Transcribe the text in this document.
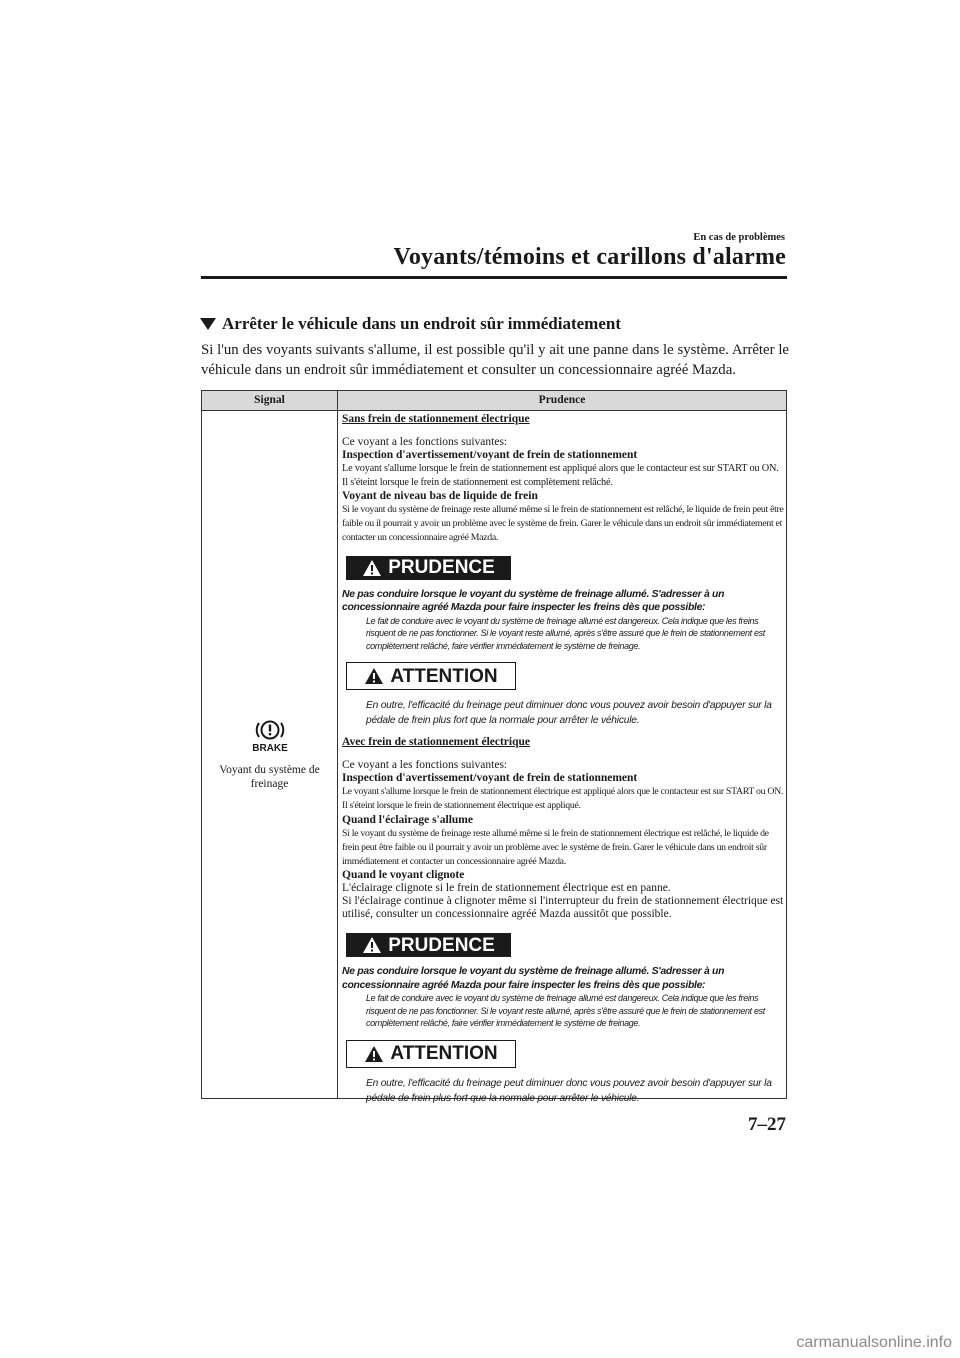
En cas de problèmes
Voyants/témoins et carillons d'alarme
Arrêter le véhicule dans un endroit sûr immédiatement
Si l'un des voyants suivants s'allume, il est possible qu'il y ait une panne dans le système. Arrêter le véhicule dans un endroit sûr immédiatement et consulter un concessionnaire agréé Mazda.
Signal	Prudence
BRAKE
Voyant du système de freinage
Sans frein de stationnement électrique
Ce voyant a les fonctions suivantes:
Inspection d'avertissement/voyant de frein de stationnement
Le voyant s'allume lorsque le frein de stationnement est appliqué alors que le contacteur est sur START ou ON. Il s'éteint lorsque le frein de stationnement est complètement relâché.
Voyant de niveau bas de liquide de frein
Si le voyant du système de freinage reste allumé même si le frein de stationnement est relâché, le liquide de frein peut être faible ou il pourrait y avoir un problème avec le système de frein. Garer le véhicule dans un endroit sûr immédiatement et contacter un concessionnaire agréé Mazda.
PRUDENCE
Ne pas conduire lorsque le voyant du système de freinage allumé. S'adresser à un concessionnaire agréé Mazda pour faire inspecter les freins dès que possible:
Le fait de conduire avec le voyant du système de freinage allumé est dangereux. Cela indique que les freins risquent de ne pas fonctionner. Si le voyant reste allumé, après s'être assuré que le frein de stationnement est complètement relâché, faire vérifier immédiatement le système de freinage.
ATTENTION
En outre, l'efficacité du freinage peut diminuer donc vous pouvez avoir besoin d'appuyer sur la pédale de frein plus fort que la normale pour arrêter le véhicule.
Avec frein de stationnement électrique
Ce voyant a les fonctions suivantes:
Inspection d'avertissement/voyant de frein de stationnement
Le voyant s'allume lorsque le frein de stationnement électrique est appliqué alors que le contacteur est sur START ou ON. Il s'éteint lorsque le frein de stationnement électrique est appliqué.
Quand l'éclairage s'allume
Si le voyant du système de freinage reste allumé même si le frein de stationnement électrique est relâché, le liquide de frein peut être faible ou il pourrait y avoir un problème avec le système de frein. Garer le véhicule dans un endroit sûr immédiatement et contacter un concessionnaire agréé Mazda.
Quand le voyant clignote
L'éclairage clignote si le frein de stationnement électrique est en panne.
Si l'éclairage continue à clignoter même si l'interrupteur du frein de stationnement électrique est utilisé, consulter un concessionnaire agréé Mazda aussitôt que possible.
PRUDENCE
Ne pas conduire lorsque le voyant du système de freinage allumé. S'adresser à un concessionnaire agréé Mazda pour faire inspecter les freins dès que possible:
Le fait de conduire avec le voyant du système de freinage allumé est dangereux. Cela indique que les freins risquent de ne pas fonctionner. Si le voyant reste allumé, après s'être assuré que le frein de stationnement est complètement relâché, faire vérifier immédiatement le système de freinage.
ATTENTION
En outre, l'efficacité du freinage peut diminuer donc vous pouvez avoir besoin d'appuyer sur la pédale de frein plus fort que la normale pour arrêter le véhicule.
7–27
carmanualsonline.info
